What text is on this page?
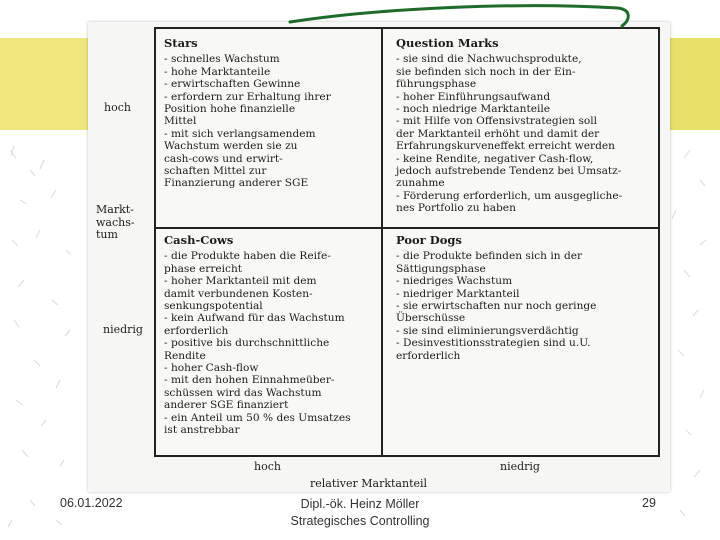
Stars
- schnelles Wachstum
- hohe Marktanteile
- erwirtschaften Gewinne
- erfordern zur Erhaltung ihrer
Position hohe finanzielle
Mittel
- mit sich verlangsamendem
Wachstum werden sie zu
cash-cows und erwirt-
schaften Mittel zur
Finanzierung anderer SGE
Question Marks
- sie sind die Nachwuchsprodukte,
sie befinden sich noch in der Ein-
führungsphase
- hoher Einführungsaufwand
- noch niedrige Marktanteile
- mit Hilfe von Offensivstrategien soll
der Marktanteil erhöht und damit der
Erfahrungskurveneffekt erreicht werden
- keine Rendite, negativer Cash-flow,
jedoch aufstrebende Tendenz bei Umsatz-
zunahme
- Förderung erforderlich, um ausgegliche-
nes Portfolio zu haben
Cash-Cows
- die Produkte haben die Reife-
phase erreicht
- hoher Marktanteil mit dem
damit verbundenen Kosten-
senkungspotential
- kein Aufwand für das Wachstum
erforderlich
- positive bis durchschnittliche
Rendite
- hoher Cash-flow
- mit den hohen Einnahmeüber-
schüssen wird das Wachstum
anderer SGE finanziert
- ein Anteil um 50 % des Umsatzes
ist anstrebbar
Poor Dogs
- die Produkte befinden sich in der
Sättigungsphase
- niedriges Wachstum
- niedriger Marktanteil
- sie erwirtschaften nur noch geringe
Überschüsse
- sie sind eliminierungsverdächtig
- Desinvestitionsstrategien sind u.U.
erforderlich
hoch
Markt-
wachs-
tum
niedrig
hoch	niedrig
relativer Marktanteil
06.01.2022	Dipl.-ök. Heinz Möller
Strategisches Controlling
29
